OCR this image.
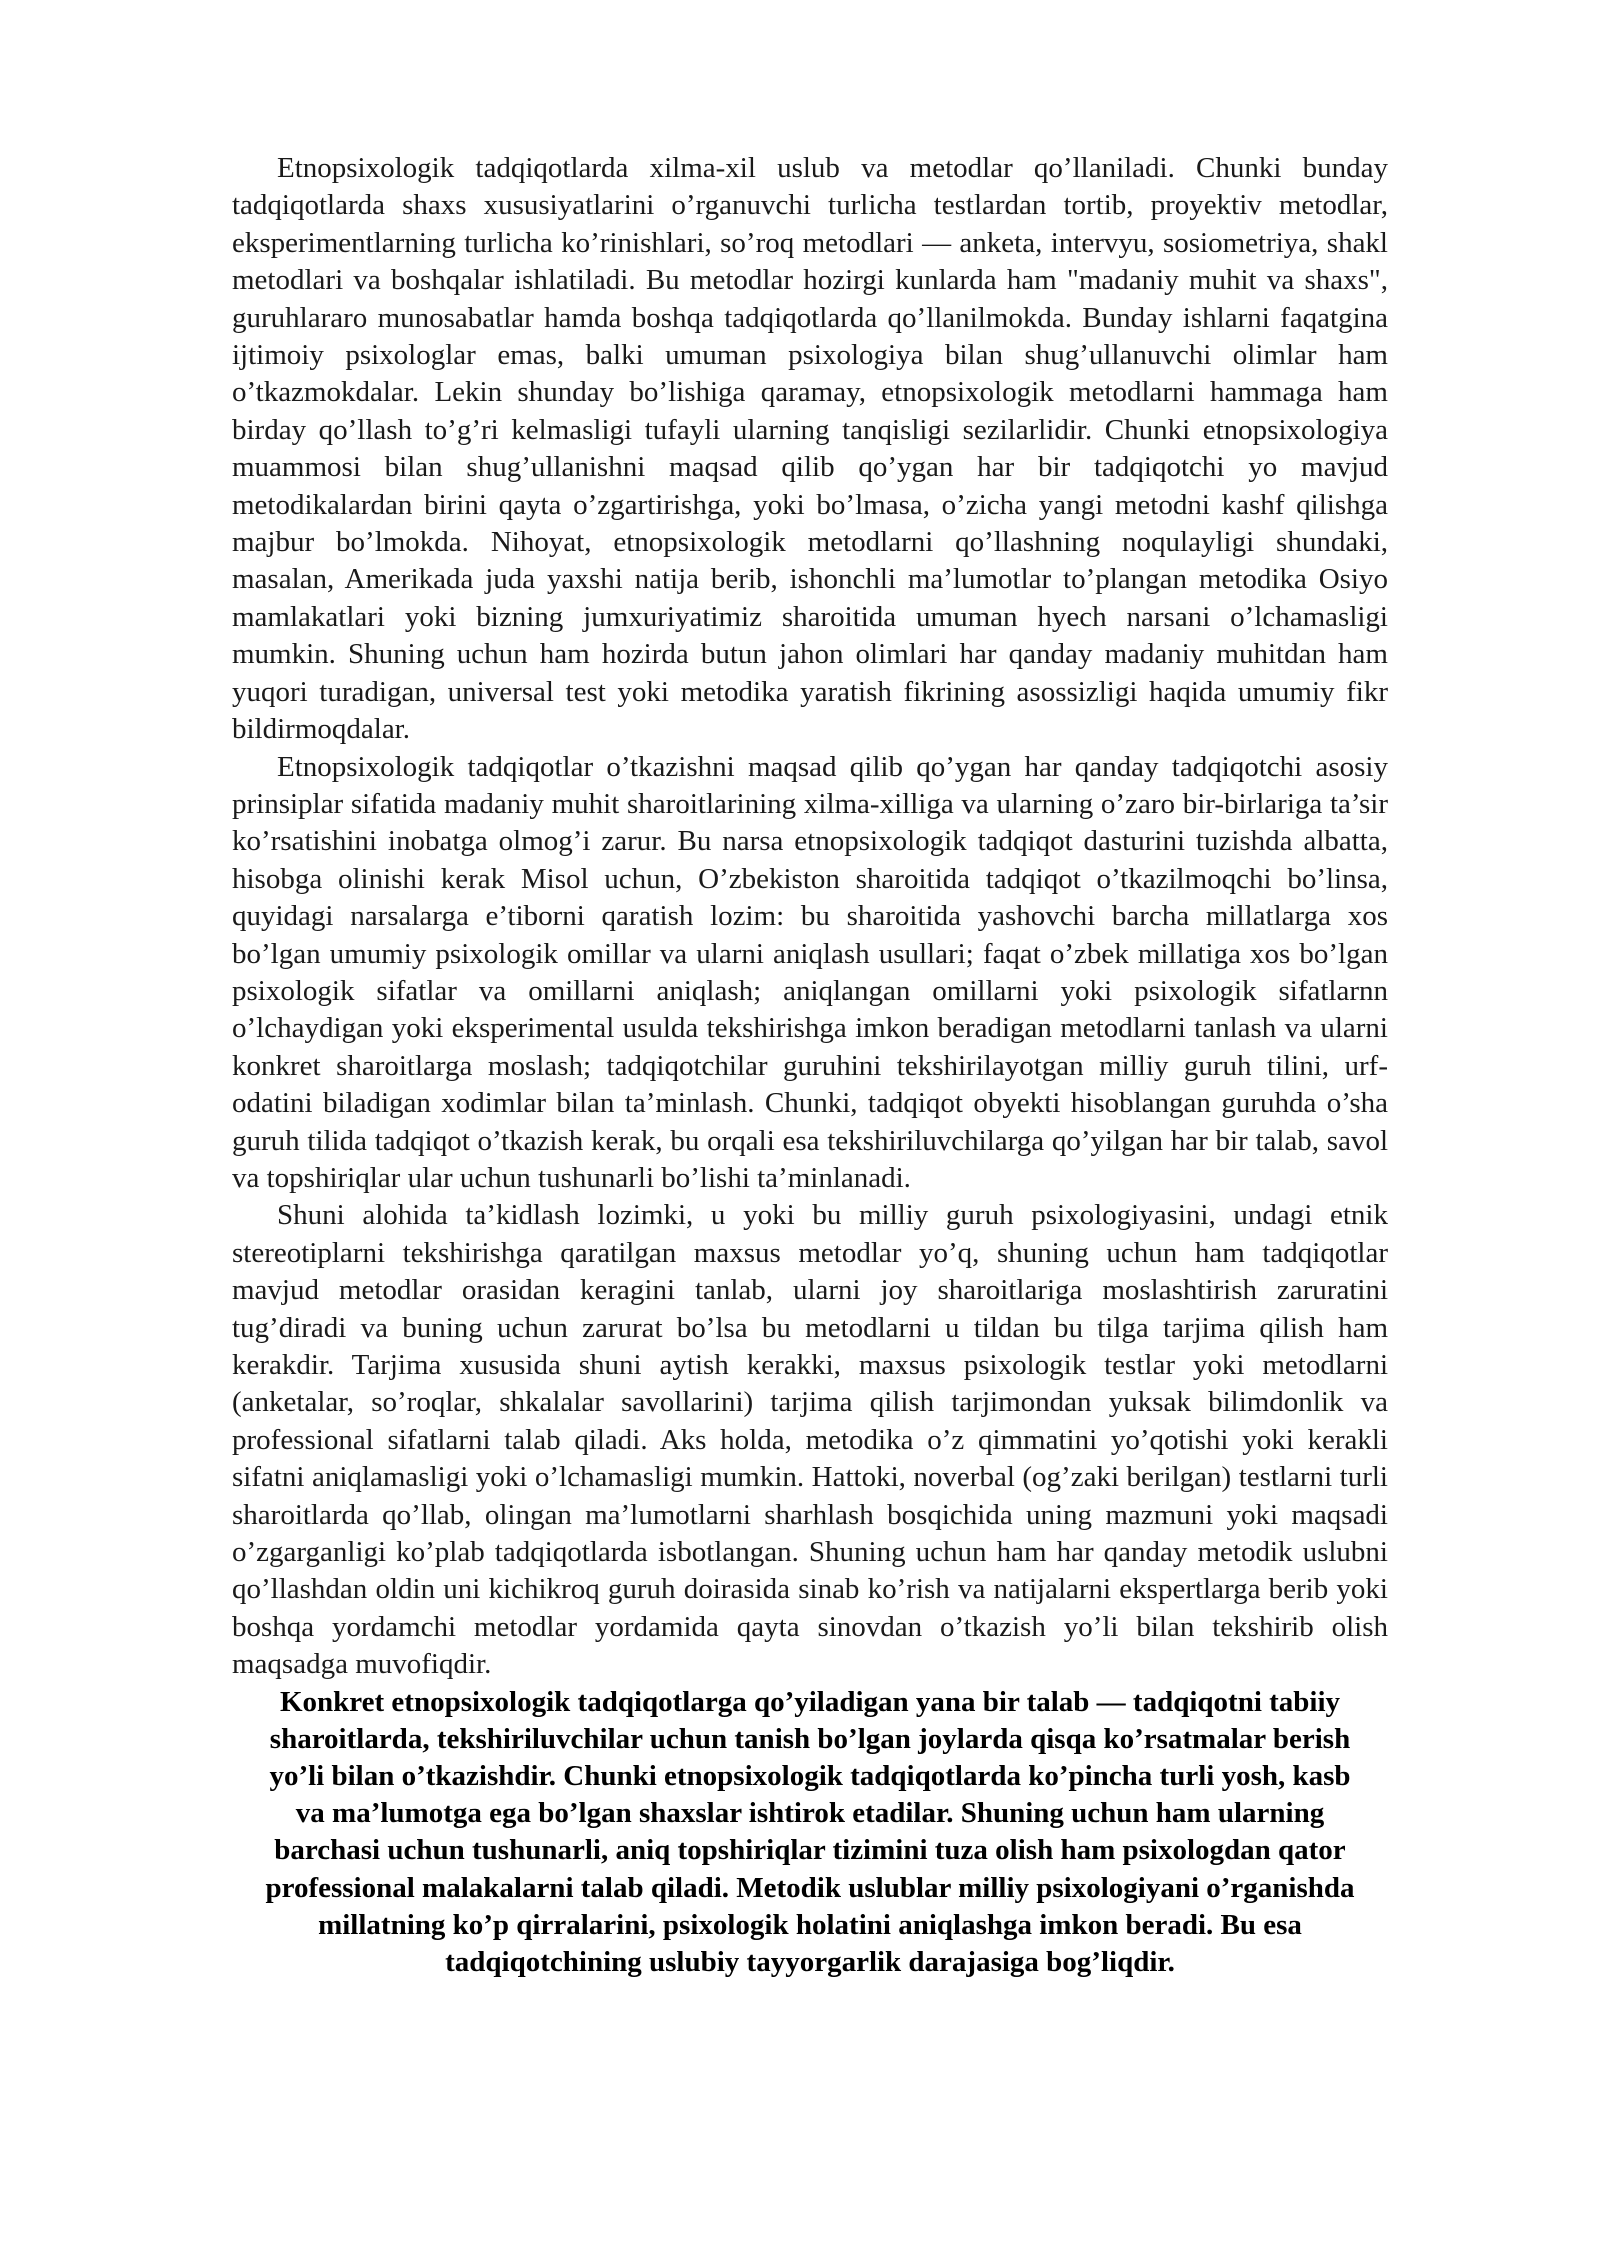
Etnopsixologik tadqiqotlarda xilma-xil uslub va metodlar qo’llaniladi. Chunki bunday tadqiqotlarda shaxs xususiyatlarini o’rganuvchi turlicha testlardan tortib, proyektiv metodlar, eksperimentlarning turlicha ko’rinishlari, so’roq metodlari — anketa, intervyu, sosiometriya, shakl metodlari va boshqalar ishlatiladi. Bu metodlar hozirgi kunlarda ham "madaniy muhit va shaxs", guruhlararo munosabatlar hamda boshqa tadqiqotlarda qo’llanilmokda. Bunday ishlarni faqatgina ijtimoiy psixologlar emas, balki umuman psixologiya bilan shug’ullanuvchi olimlar ham o’tkazmokdalar. Lekin shunday bo’lishiga qaramay, etnopsixologik metodlarni hammaga ham birday qo’llash to’g’ri kelmasligi tufayli ularning tanqisligi sezilarlidir. Chunki etnopsixologiya muammosi bilan shug’ullanishni maqsad qilib qo’ygan har bir tadqiqotchi yo mavjud metodikalardan birini qayta o’zgartirishga, yoki bo’lmasa, o’zicha yangi metodni kashf qilishga majbur bo’lmokda. Nihoyat, etnopsixologik metodlarni qo’llashning noqulayligi shundaki, masalan, Amerikada juda yaxshi natija berib, ishonchli ma’lumotlar to’plangan metodika Osiyo mamlakatlari yoki bizning jumxuriyatimiz sharoitida umuman hyech narsani o’lchamasligi mumkin. Shuning uchun ham hozirda butun jahon olimlari har qanday madaniy muhitdan ham yuqori turadigan, universal test yoki metodika yaratish fikrining asossizligi haqida umumiy fikr bildirmoqdalar.

Etnopsixologik tadqiqotlar o’tkazishni maqsad qilib qo’ygan har qanday tadqiqotchi asosiy prinsiplar sifatida madaniy muhit sharoitlarining xilma-xilliga va ularning o’zaro bir-birlariga ta’sir ko’rsatishini inobatga olmog’i zarur. Bu narsa etnopsixologik tadqiqot dasturini tuzishda albatta, hisobga olinishi kerak Misol uchun, O’zbekiston sharoitida tadqiqot o’tkazilmoqchi bo’linsa, quyidagi narsalarga e’tiborni qaratish lozim: bu sharoitida yashovchi barcha millatlarga xos bo’lgan umumiy psixologik omillar va ularni aniqlash usullari; faqat o’zbek millatiga xos bo’lgan psixologik sifatlar va omillarni aniqlash; aniqlangan omillarni yoki psixologik sifatlarnn o’lchaydigan yoki eksperimental usulda tekshirishga imkon beradigan metodlarni tanlash va ularni konkret sharoitlarga moslash; tadqiqotchilar guruhini tekshirilayotgan milliy guruh tilini, urf-odatini biladigan xodimlar bilan ta’minlash. Chunki, tadqiqot obyekti hisoblangan guruhda o’sha guruh tilida tadqiqot o’tkazish kerak, bu orqali esa tekshiriluvchilarga qo’yilgan har bir talab, savol va topshiriqlar ular uchun tushunarli bo’lishi ta’minlanadi.

Shuni alohida ta’kidlash lozimki, u yoki bu milliy guruh psixologiyasini, undagi etnik stereotiplarni tekshirishga qaratilgan maxsus metodlar yo’q, shuning uchun ham tadqiqotlar mavjud metodlar orasidan keragini tanlab, ularni joy sharoitlariga moslashtirish zaruratini tug’diradi va buning uchun zarurat bo’lsa bu metodlarni u tildan bu tilga tarjima qilish ham kerakdir. Tarjima xususida shuni aytish kerakki, maxsus psixologik testlar yoki metodlarni (anketalar, so’roqlar, shkalalar savollarini) tarjima qilish tarjimondan yuksak bilimdonlik va professional sifatlarni talab qiladi. Aks holda, metodika o’z qimmatini yo’qotishi yoki kerakli sifatni aniqlamasligi yoki o’lchamasligi mumkin. Hattoki, noverbal (og’zaki berilgan) testlarni turli sharoitlarda qo’llab, olingan ma’lumotlarni sharhlash bosqichida uning mazmuni yoki maqsadi o’zgarganligi ko’plab tadqiqotlarda isbotlangan. Shuning uchun ham har qanday metodik uslubni qo’llashdan oldin uni kichikroq guruh doirasida sinab ko’rish va natijalarni ekspertlarga berib yoki boshqa yordamchi metodlar yordamida qayta sinovdan o’tkazish yo’li bilan tekshirib olish maqsadga muvofiqdir.

Konkret etnopsixologik tadqiqotlarga qo’yiladigan yana bir talab — tadqiqotni tabiiy sharoitlarda, tekshiriluvchilar uchun tanish bo’lgan joylarda qisqa ko’rsatmalar berish yo’li bilan o’tkazishdir. Chunki etnopsixologik tadqiqotlarda ko’pincha turli yosh, kasb va ma’lumotga ega bo’lgan shaxslar ishtirok etadilar. Shuning uchun ham ularning barchasi uchun tushunarli, aniq topshiriqlar tizimini tuza olish ham psixologdan qator professional malakalarni talab qiladi. Metodik uslublar milliy psixologiyani o’rganishda millatning ko’p qirralarini, psixologik holatini aniqlashga imkon beradi. Bu esa tadqiqotchining uslubiy tayyorgarlik darajasiga bog’liqdir.
